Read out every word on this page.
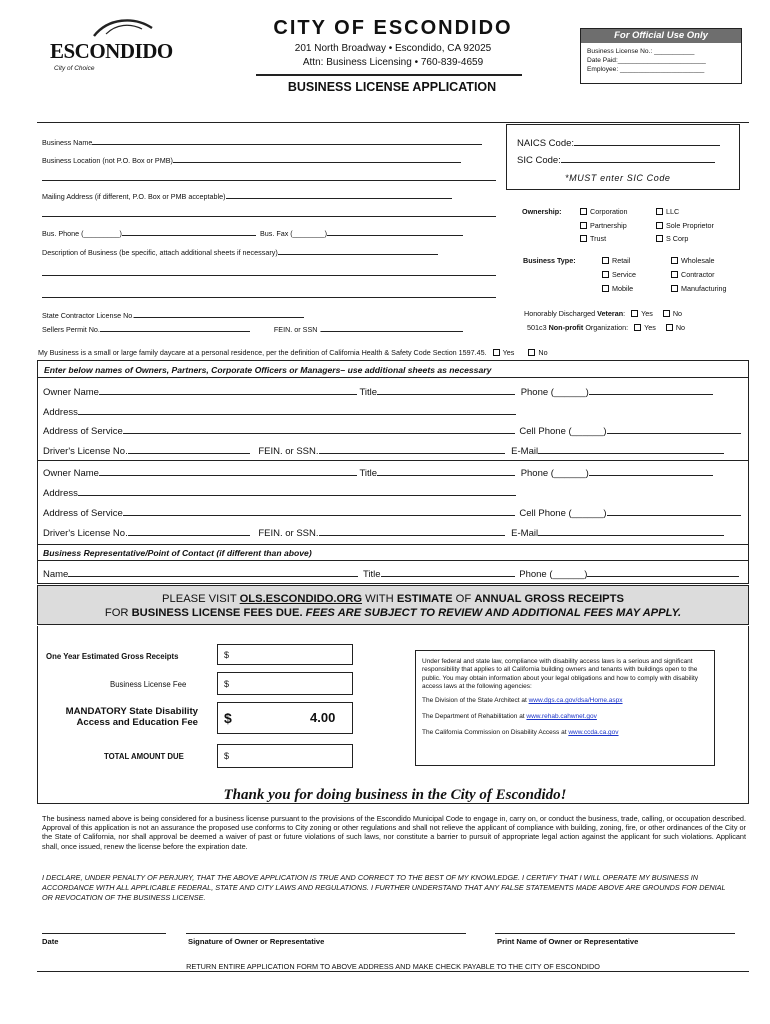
ESCONDIDO
City of Choice
CITY OF ESCONDIDO
201 North Broadway • Escondido, CA 92025
Attn: Business Licensing • 760-839-4659
BUSINESS LICENSE APPLICATION
For Official Use Only
Business License No.: ___________
Date Paid:________________________
Employee: _______________________
Business Name
Business Location (not P.O. Box or PMB)
Mailing Address (if different, P.O. Box or PMB acceptable)
Bus. Phone (_________)	Bus. Fax (________)
Description of Business (be specific, attach additional sheets if necessary)
State Contractor License No.
Sellers Permit No.	FEIN. or SSN .
NAICS Code:
SIC Code:
*MUST enter SIC Code
Ownership:	Corporation	LLC
Partnership	Sole Proprietor
Trust	S Corp
Business Type:	Retail	Wholesale
Service	Contractor
Mobile	Manufacturing
Honorably Discharged Veteran: Yes	No
501c3 Non-profit Organization: Yes	No
My Business is a small or large family daycare at a personal residence, per the definition of California Health & Safety Code Section 1597.45. Yes	No
Enter below names of Owners, Partners, Corporate Officers or Managers– use additional sheets as necessary
Owner Name	Title	Phone (______)
Address
Address of Service	Cell Phone (______)
Driver's License No.	FEIN. or SSN.	E-Mail
Owner Name	Title	Phone (______)
Address
Address of Service	Cell Phone (______)
Driver's License No.	FEIN. or SSN.	E-Mail
Business Representative/Point of Contact (if different than above)
Name	Title	Phone (______)
PLEASE VISIT OLS.ESCONDIDO.ORG WITH ESTIMATE OF ANNUAL GROSS RECEIPTS
FOR BUSINESS LICENSE FEES DUE. FEES ARE SUBJECT TO REVIEW AND ADDITIONAL FEES MAY APPLY.
One Year Estimated Gross Receipts	$
Business License Fee	$
MANDATORY State Disability
Access and Education Fee $	4.00
TOTAL AMOUNT DUE	$
Under federal and state law, compliance with disability access laws is a serious and significant responsibility that applies to all California building owners and tenants with buildings open to the public. You may obtain information about your legal obligations and how to comply with disability access laws at the following agencies:
The Division of the State Architect at www.dgs.ca.gov/dsa/Home.aspx
The Department of Rehabilitation at www.rehab.cahwnet.gov
The California Commission on Disability Access at www.ccda.ca.gov
Thank you for doing business in the City of Escondido!
The business named above is being considered for a business license pursuant to the provisions of the Escondido Municipal Code to engage in, carry on, or conduct the business, trade, calling, or occupation described. Approval of this application is not an assurance the proposed use conforms to City zoning or other regulations and shall not relieve the applicant of compliance with building, zoning, fire, or other ordinances of the City or the State of California, nor shall approval be deemed a waiver of past or future violations of such laws, nor constitute a barrier to pursuit of appropriate legal action against the applicant for such violations. Applicant shall, once issued, renew the license before the expiration date.
I DECLARE, UNDER PENALTY OF PERJURY, THAT THE ABOVE APPLICATION IS TRUE AND CORRECT TO THE BEST OF MY KNOWLEDGE. I CERTIFY THAT I WILL OPERATE MY BUSINESS IN ACCORDANCE WITH ALL APPLICABLE FEDERAL, STATE AND CITY LAWS AND REGULATIONS. I FURTHER UNDERSTAND THAT ANY FALSE STATEMENTS MADE ABOVE ARE GROUNDS FOR DENIAL OR REVOCATION OF THE BUSINESS LICENSE.
Date	Signature of Owner or Representative	Print Name of Owner or Representative
RETURN ENTIRE APPLICATION FORM TO ABOVE ADDRESS AND MAKE CHECK PAYABLE TO THE CITY OF ESCONDIDO
